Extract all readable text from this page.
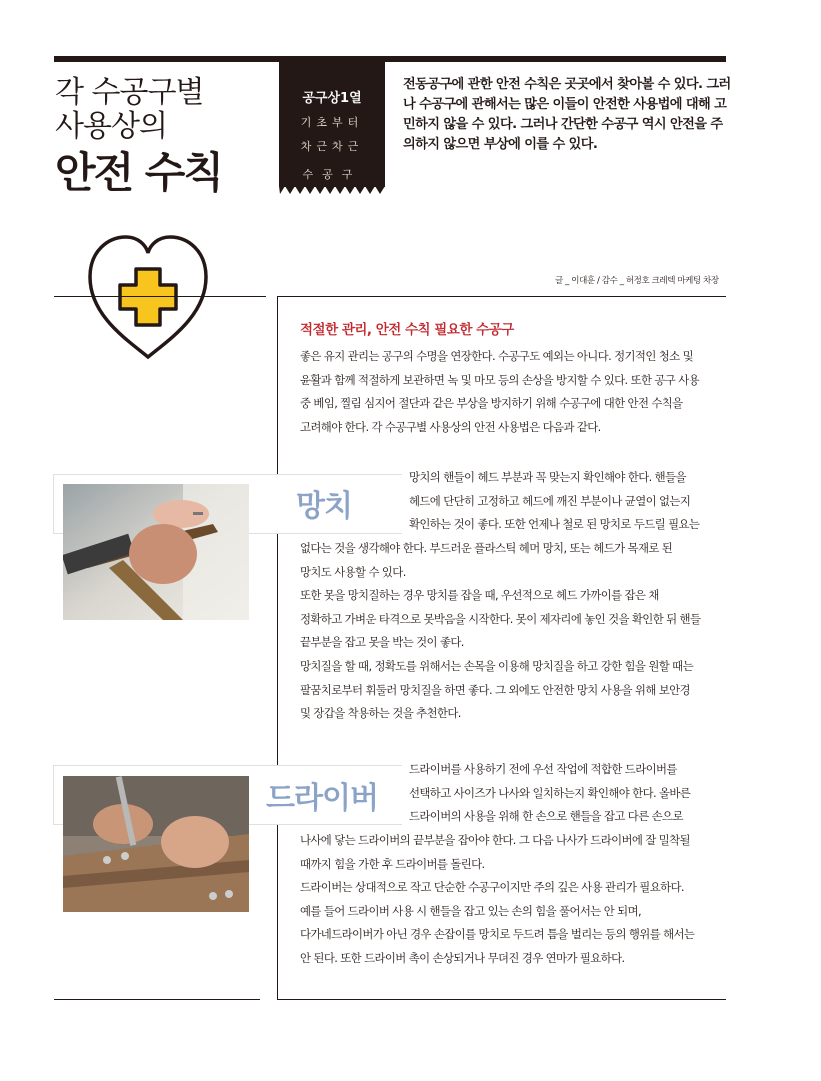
각 수공구별
사용상의
안전 수칙
공구상1열
기초부터
차근차근
수공구
전동공구에 관한 안전 수칙은 곳곳에서 찾아볼 수 있다. 그러나 수공구에 관해서는 많은 이들이 안전한 사용법에 대해 고민하지 않을 수 있다. 그러나 간단한 수공구 역시 안전을 주의하지 않으면 부상에 이를 수 있다.
글 _ 이대훈 / 감수 _ 허정호 크레텍 마케팅 차장
적절한 관리, 안전 수칙 필요한 수공구
좋은 유지 관리는 공구의 수명을 연장한다. 수공구도 예외는 아니다. 정기적인 청소 및
윤활과 함께 적절하게 보관하면 녹 및 마모 등의 손상을 방지할 수 있다. 또한 공구 사용
중 베임, 찔림 심지어 절단과 같은 부상을 방지하기 위해 수공구에 대한 안전 수칙을
고려해야 한다. 각 수공구별 사용상의 안전 사용법은 다음과 같다.
망치
망치의 핸들이 헤드 부분과 꼭 맞는지 확인해야 한다. 핸들을
헤드에 단단히 고정하고 헤드에 깨진 부분이나 균열이 없는지
확인하는 것이 좋다. 또한 언제나 철로 된 망치로 두드릴 필요는
없다는 것을 생각해야 한다. 부드러운 플라스틱 헤머 망치, 또는 헤드가 목재로 된
망치도 사용할 수 있다.
또한 못을 망치질하는 경우 망치를 잡을 때, 우선적으로 헤드 가까이를 잡은 채
정확하고 가벼운 타격으로 못박음을 시작한다. 못이 제자리에 놓인 것을 확인한 뒤 핸들
끝부분을 잡고 못을 박는 것이 좋다.
망치질을 할 때, 정확도를 위해서는 손목을 이용해 망치질을 하고 강한 힘을 원할 때는
팔꿈치로부터 휘둘러 망치질을 하면 좋다. 그 외에도 안전한 망치 사용을 위해 보안경
및 장갑을 착용하는 것을 추천한다.
드라이버
드라이버를 사용하기 전에 우선 작업에 적합한 드라이버를
선택하고 사이즈가 나사와 일치하는지 확인해야 한다. 올바른
드라이버의 사용을 위해 한 손으로 핸들을 잡고 다른 손으로
나사에 닿는 드라이버의 끝부분을 잡아야 한다. 그 다음 나사가 드라이버에 잘 밀착될
때까지 힘을 가한 후 드라이버를 돌린다.
드라이버는 상대적으로 작고 단순한 수공구이지만 주의 깊은 사용 관리가 필요하다.
예를 들어 드라이버 사용 시 핸들을 잡고 있는 손의 힘을 풀어서는 안 되며,
다가네드라이버가 아닌 경우 손잡이를 망치로 두드려 틈을 벌리는 등의 행위를 해서는
안 된다. 또한 드라이버 촉이 손상되거나 무뎌진 경우 연마가 필요하다.
